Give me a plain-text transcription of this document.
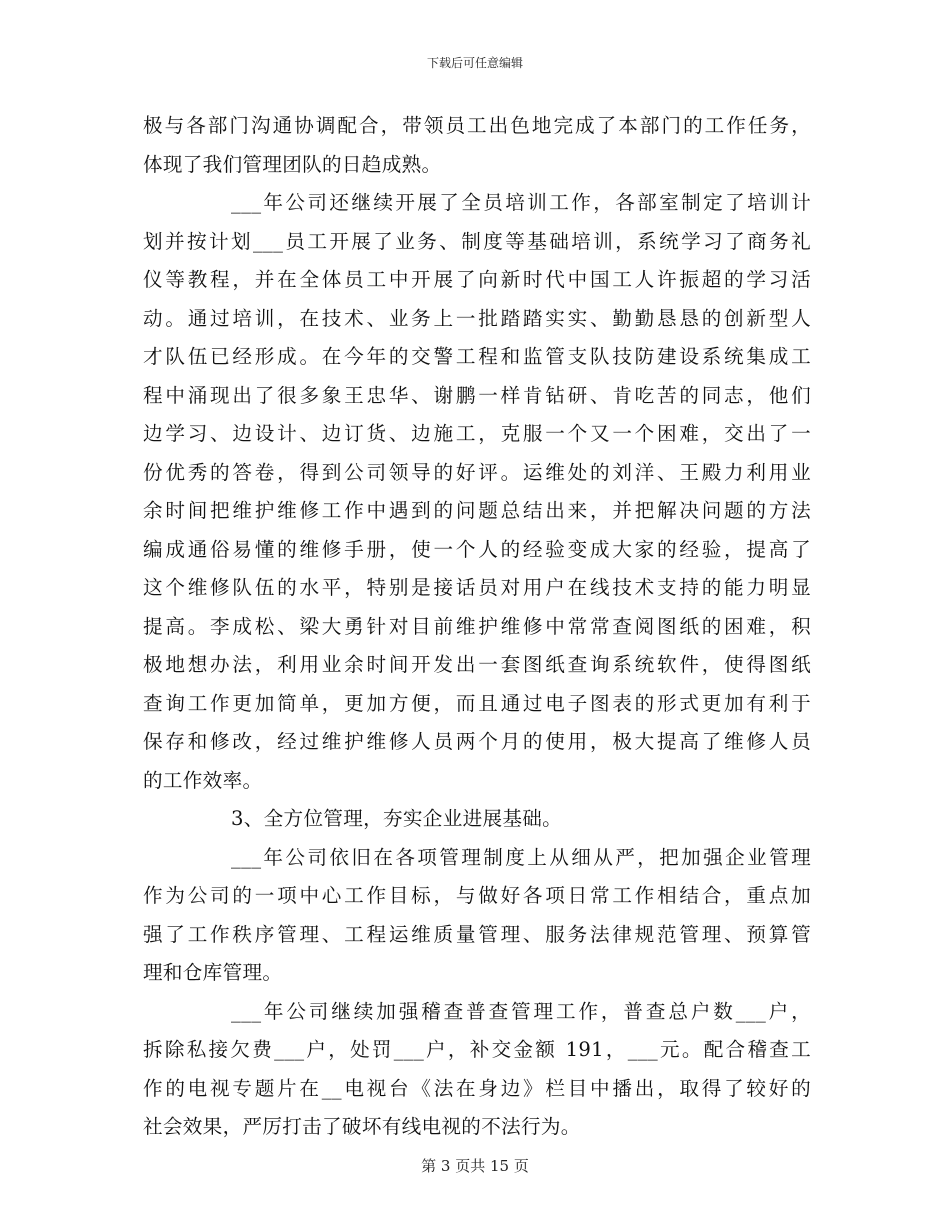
下载后可任意编辑
极与各部门沟通协调配合，带领员工出色地完成了本部门的工作任务，
体现了我们管理团队的日趋成熟。
___年公司还继续开展了全员培训工作，各部室制定了培训计
划并按计划___员工开展了业务、制度等基础培训，系统学习了商务礼
仪等教程，并在全体员工中开展了向新时代中国工人许振超的学习活
动。通过培训，在技术、业务上一批踏踏实实、勤勤恳恳的创新型人
才队伍已经形成。在今年的交警工程和监管支队技防建设系统集成工
程中涌现出了很多象王忠华、谢鹏一样肯钻研、肯吃苦的同志，他们
边学习、边设计、边订货、边施工，克服一个又一个困难，交出了一
份优秀的答卷，得到公司领导的好评。运维处的刘洋、王殿力利用业
余时间把维护维修工作中遇到的问题总结出来，并把解决问题的方法
编成通俗易懂的维修手册，使一个人的经验变成大家的经验，提高了
这个维修队伍的水平，特别是接话员对用户在线技术支持的能力明显
提高。李成松、梁大勇针对目前维护维修中常常查阅图纸的困难，积
极地想办法，利用业余时间开发出一套图纸查询系统软件，使得图纸
查询工作更加简单，更加方便，而且通过电子图表的形式更加有利于
保存和修改，经过维护维修人员两个月的使用，极大提高了维修人员
的工作效率。
3、全方位管理，夯实企业进展基础。
___年公司依旧在各项管理制度上从细从严，把加强企业管理
作为公司的一项中心工作目标，与做好各项日常工作相结合，重点加
强了工作秩序管理、工程运维质量管理、服务法律规范管理、预算管
理和仓库管理。
___年公司继续加强稽查普查管理工作，普查总户数___户，
拆除私接欠费___户，处罚___户，补交金额 191，___元。配合稽查工
作的电视专题片在__电视台《法在身边》栏目中播出，取得了较好的
社会效果，严厉打击了破坏有线电视的不法行为。
第 3 页共 15 页
